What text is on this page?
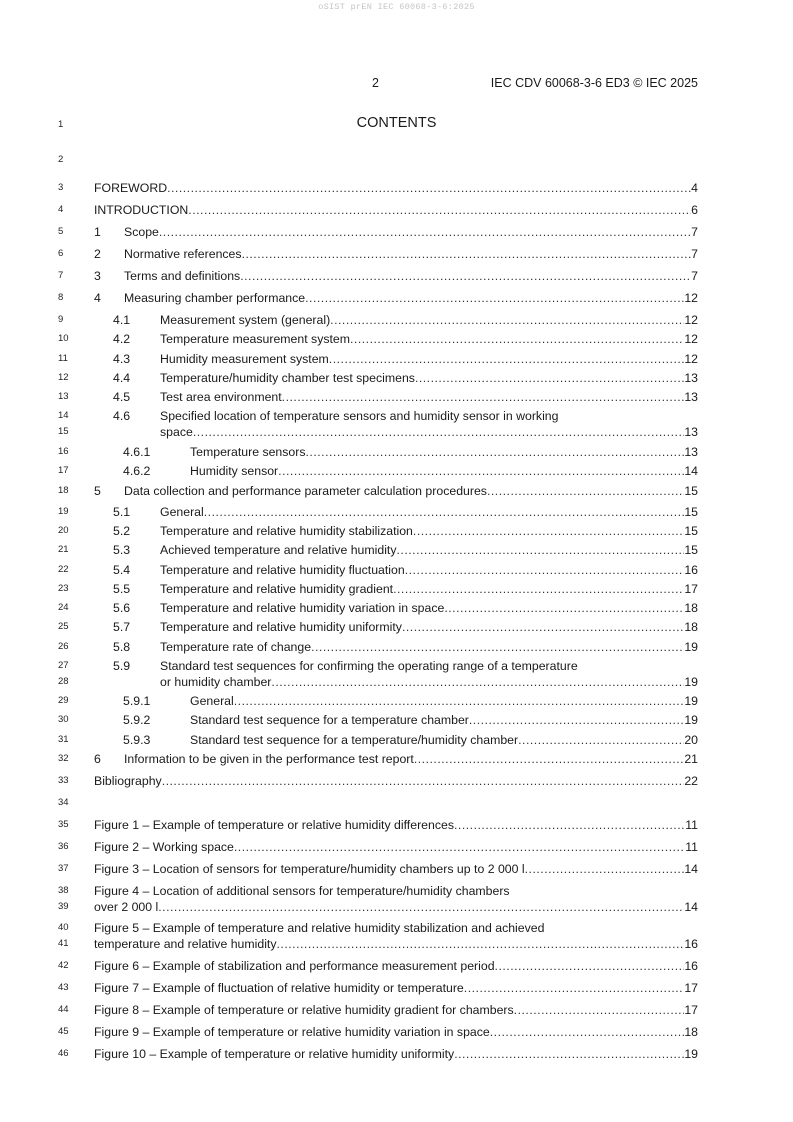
oSIST prEN IEC 60068-3-6:2025
2	IEC CDV 60068-3-6 ED3 © IEC 2025
CONTENTS
1
2
3
4
5
6
7
8
9
10
11
12
13
14
15
16
17
18
19
20
21
22
23
24
25
26
27
28
29
30
31
32
33
34
35
36
37
38
39
40
41
42
43
44
45
46
FOREWORD .....	4
INTRODUCTION .....	6
1	Scope .....	7
2	Normative references .....	7
3	Terms and definitions .....	7
4	Measuring chamber performance .....	12
4.1	Measurement system (general) .....	12
4.2	Temperature measurement system .....	12
4.3	Humidity measurement system .....	12
4.4	Temperature/humidity chamber test specimens .....	13
4.5	Test area environment .....	13
4.6 Specified location of temperature sensors and humidity sensor in working
space .....	13
4.6.1	Temperature sensors .....	13
4.6.2	Humidity sensor .....	14
5	Data collection and performance parameter calculation procedures .....	15
5.1	General .....	15
5.2	Temperature and relative humidity stabilization .....	15
5.3	Achieved temperature and relative humidity .....	15
5.4	Temperature and relative humidity fluctuation .....	16
5.5	Temperature and relative humidity gradient .....	17
5.6	Temperature and relative humidity variation in space .....	18
5.7	Temperature and relative humidity uniformity .....	18
5.8	Temperature rate of change .....	19
5.9 Standard test sequences for confirming the operating range of a temperature
or humidity chamber .....	19
5.9.1	General .....	19
5.9.2	Standard test sequence for a temperature chamber .....	19
5.9.3	Standard test sequence for a temperature/humidity chamber .....	20
6	Information to be given in the performance test report .....	21
Bibliography .....	22
Figure 1 – Example of temperature or relative humidity differences .....	11
Figure 2 – Working space .....	11
Figure 3 – Location of sensors for temperature/humidity chambers up to 2 000 l .....	14
Figure 4 – Location of additional sensors for temperature/humidity chambers
over 2 000 l .....	14
Figure 5 – Example of temperature and relative humidity stabilization and achieved
temperature and relative humidity .....	16
Figure 6 – Example of stabilization and performance measurement period .....	16
Figure 7 – Example of fluctuation of relative humidity or temperature .....	17
Figure 8 – Example of temperature or relative humidity gradient for chambers .....	17
Figure 9 – Example of temperature or relative humidity variation in space .....	18
Figure 10 – Example of temperature or relative humidity uniformity .....	19
